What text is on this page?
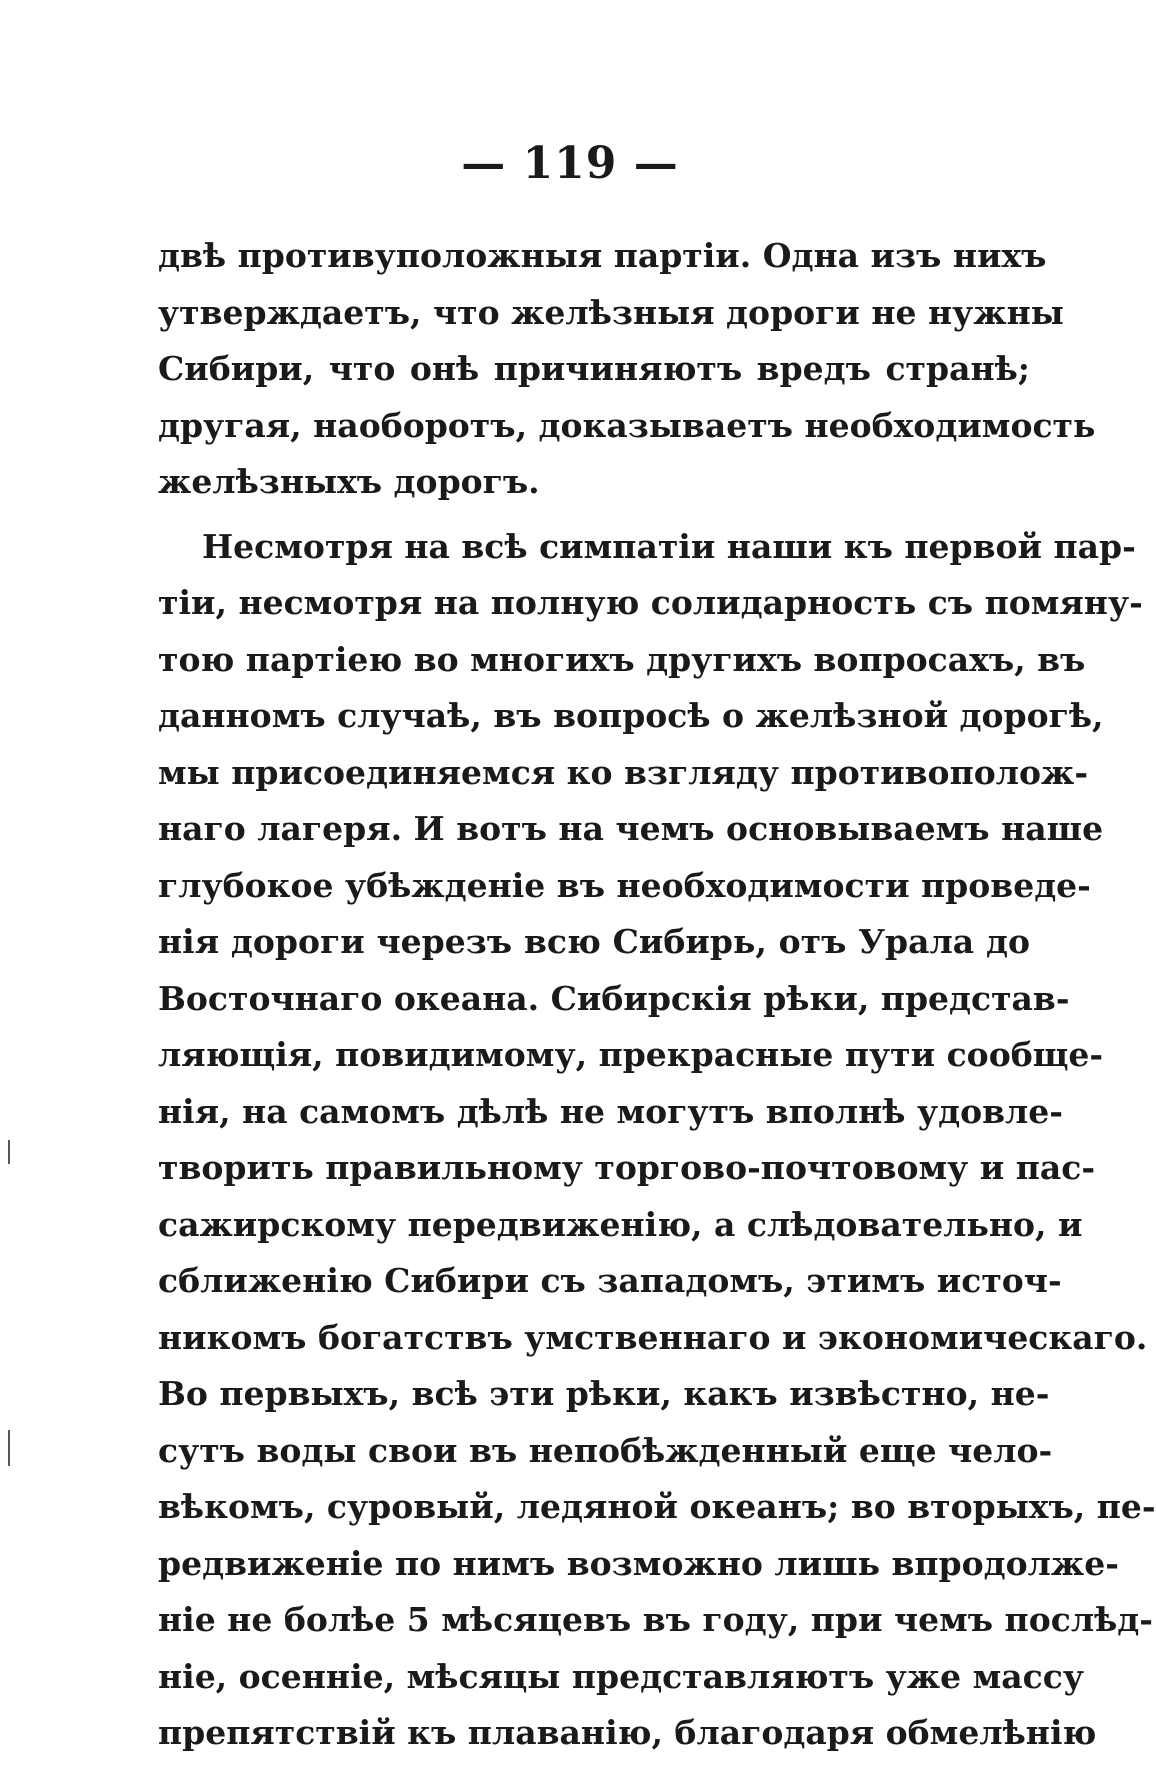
— 119 —
двѣ противуположныя партіи. Одна изъ нихъ
утверждаетъ, что желѣзныя дороги не нужны
Сибири, что онѣ причиняютъ вредъ странѣ;
другая, наоборотъ, доказываетъ необходимость
желѣзныхъ дорогъ.
Несмотря на всѣ симпатіи наши къ первой пар-
тіи, несмотря на полную солидарность съ помяну-
тою партіею во многихъ другихъ вопросахъ, въ
данномъ случаѣ, въ вопросѣ о желѣзной дорогѣ,
мы присоединяемся ко взгляду противополож-
наго лагеря. И вотъ на чемъ основываемъ наше
глубокое убѣжденіе въ необходимости проведе-
нія дороги черезъ всю Сибирь, отъ Урала до
Восточнаго океана. Сибирскія рѣки, представ-
ляющія, повидимому, прекрасные пути сообще-
нія, на самомъ дѣлѣ не могутъ вполнѣ удовле-
творить правильному торгово-почтовому и пас-
сажирскому передвиженію, а слѣдовательно, и
сближенію Сибири съ западомъ, этимъ источ-
никомъ богатствъ умственнаго и экономическаго.
Во первыхъ, всѣ эти рѣки, какъ извѣстно, не-
сутъ воды свои въ непобѣжденный еще чело-
вѣкомъ, суровый, ледяной океанъ; во вторыхъ, пе-
редвиженіе по нимъ возможно лишь впродолже-
ніе не болѣе 5 мѣсяцевъ въ году, при чемъ послѣд-
ніе, осенніе, мѣсяцы представляютъ уже массу
препятствій къ плаванію, благодаря обмелѣнію
